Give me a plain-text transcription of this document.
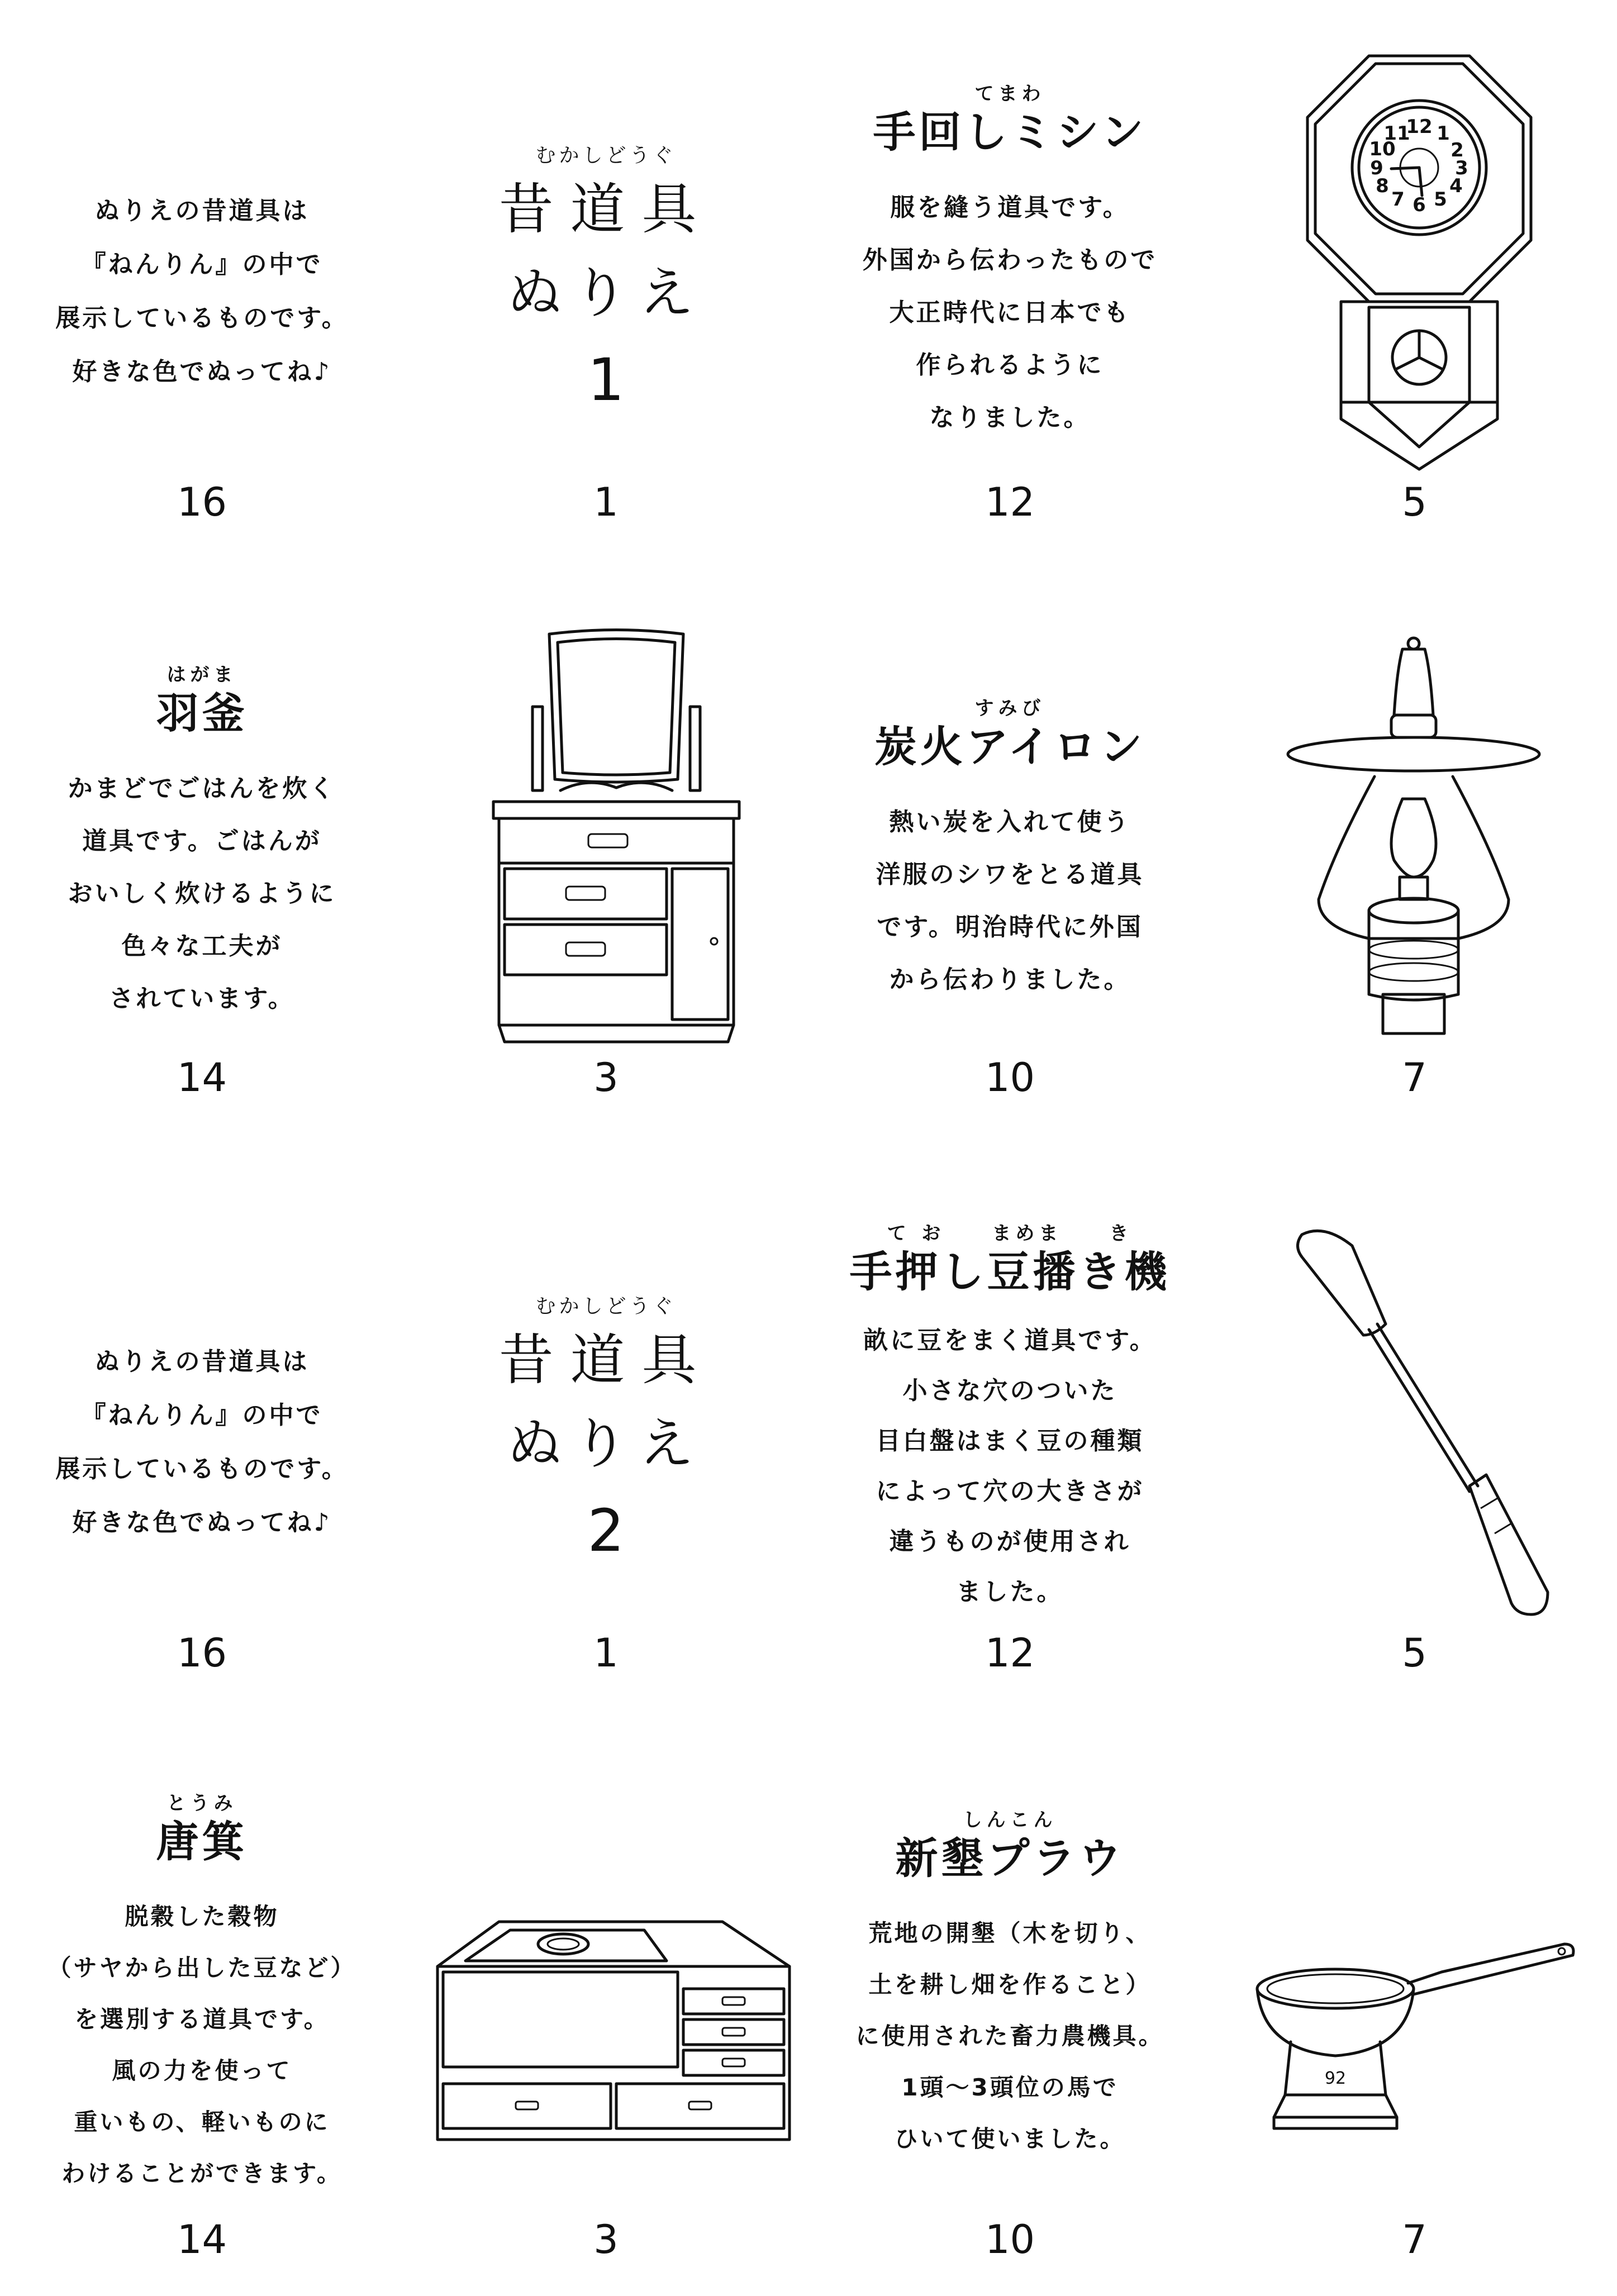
ぬりえの昔道具は
『ねんりん』の中で
展示しているものです。
好きな色でぬってね♪
16
むかしどうぐ
昔道具
ぬりえ
1
1
てまわ
手回しミシン
服を縫う道具です。
外国から伝わったもので
大正時代に日本でも
作られるように
なりました。
12
12 1
2
3
4
5
6
7
8
9
10
11
5
はがま
羽釜
かまどでごはんを炊く
道具です。ごはんが
おいしく炊けるように
色々な工夫が
されています。
14	3
すみび
炭火アイロン
熱い炭を入れて使う
洋服のシワをとる道具
です。明治時代に外国
から伝わりました。
10	7
ぬりえの昔道具は
『ねんりん』の中で
展示しているものです。
好きな色でぬってね♪
16
むかしどうぐ
昔道具
ぬりえ
2
1
て お　　まめま　　き
手押し豆播き機
畝に豆をまく道具です。
小さな穴のついた
目白盤はまく豆の種類
によって穴の大きさが
違うものが使用され
ました。
12	5
とうみ
唐箕
脱穀した穀物
（サヤから出した豆など）
を選別する道具です。
風の力を使って
重いもの、軽いものに
わけることができます。
14	3
しんこん
新墾プラウ
荒地の開墾（木を切り、
土を耕し畑を作ること）
に使用された畜力農機具。
1頭～3頭位の馬で
ひいて使いました。
10
92
7
